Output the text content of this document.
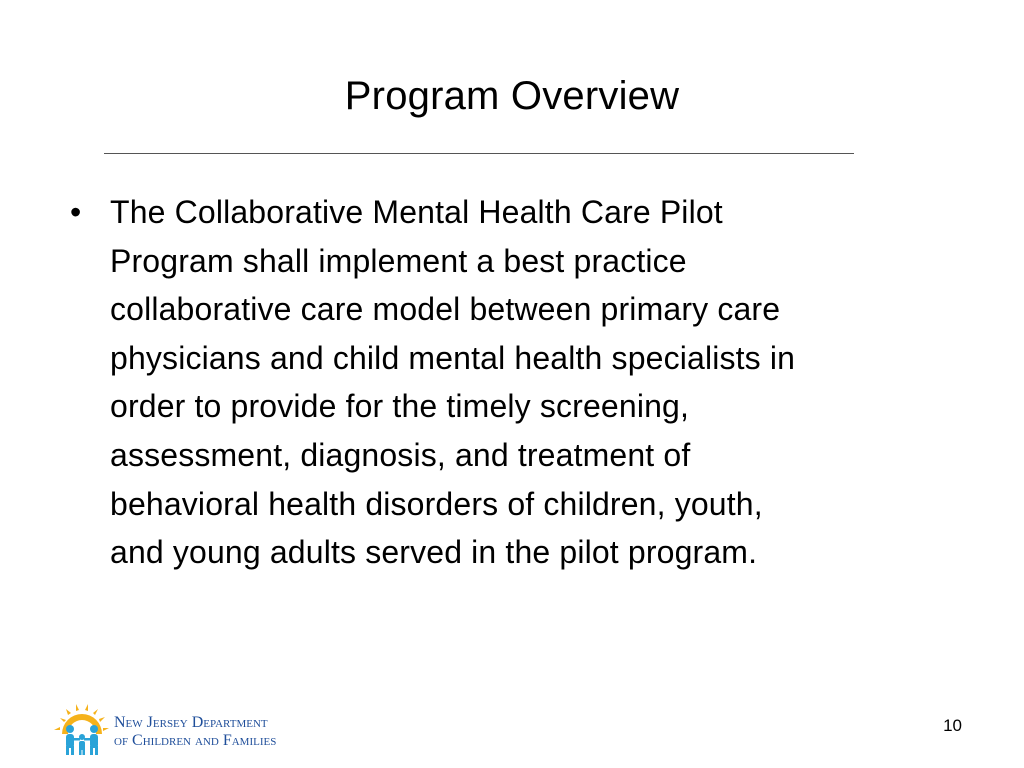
Program Overview
• The Collaborative Mental Health Care Pilot
Program shall implement a best practice
collaborative care model between primary care
physicians and child mental health specialists in
order to provide for the timely screening,
assessment, diagnosis, and treatment of
behavioral health disorders of children, youth,
and young adults served in the pilot program.
New Jersey Department
of Children and Families
10
